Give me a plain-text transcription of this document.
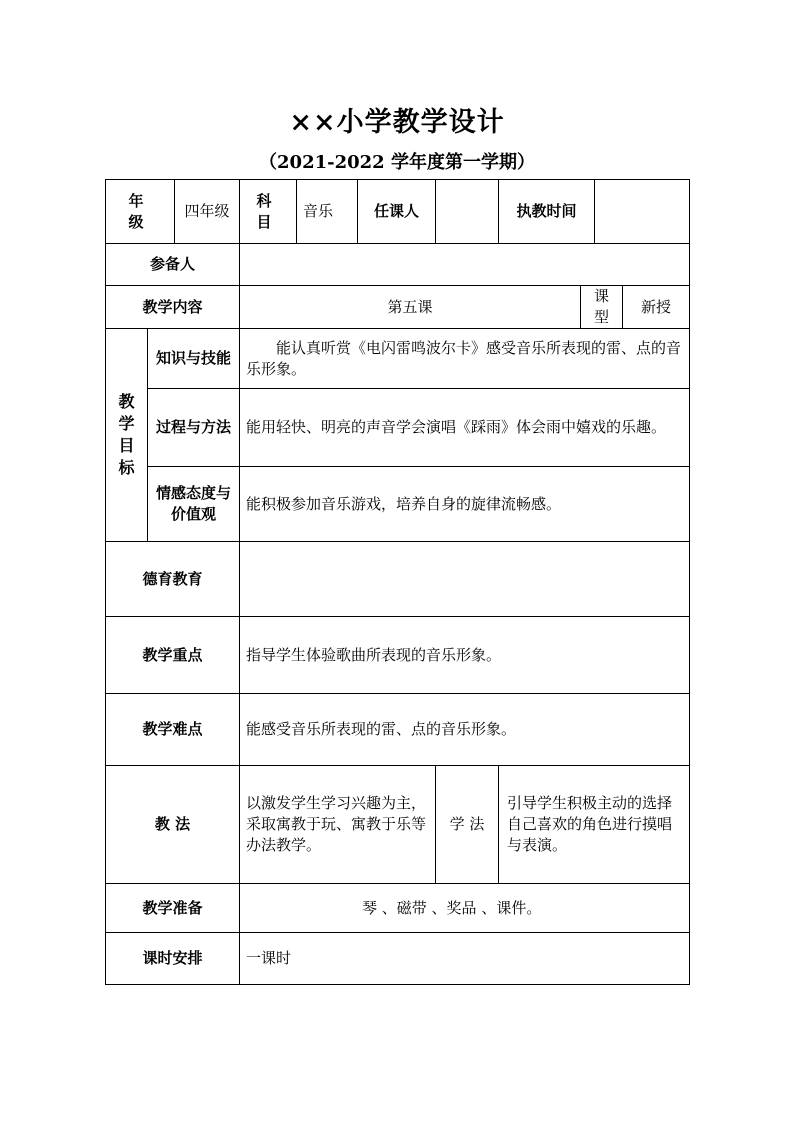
××小学教学设计
（2021-2022 学年度第一学期）
年 级		四年级	科 目	音乐	任课人		执教时间			
参备人										
教学内容			第五课					课 型		新授

教学目标	知识与技能		能认真听赏《电闪雷鸣波尔卡》感受音乐所表现的雷、点的音乐形象。							
	过程与方法		能用轻快、明亮的声音学会演唱《踩雨》体会雨中嬉戏的乐趣。							
	情感态度与价值观		能积极参加音乐游戏，培养自身的旋律流畅感。							
德育教育										
教学重点			指导学生体验歌曲所表现的音乐形象。							
教学难点			能感受音乐所表现的雷、点的音乐形象。							
教 法			以激发学生学习兴趣为主，采取寓教于玩、寓教于乐等办法教学。			学 法	引导学生积极主动的选择自己喜欢的角色进行摸唱与表演。			
教学准备			琴 、磁带 、奖品 、课件。							
课时安排			一课时							
